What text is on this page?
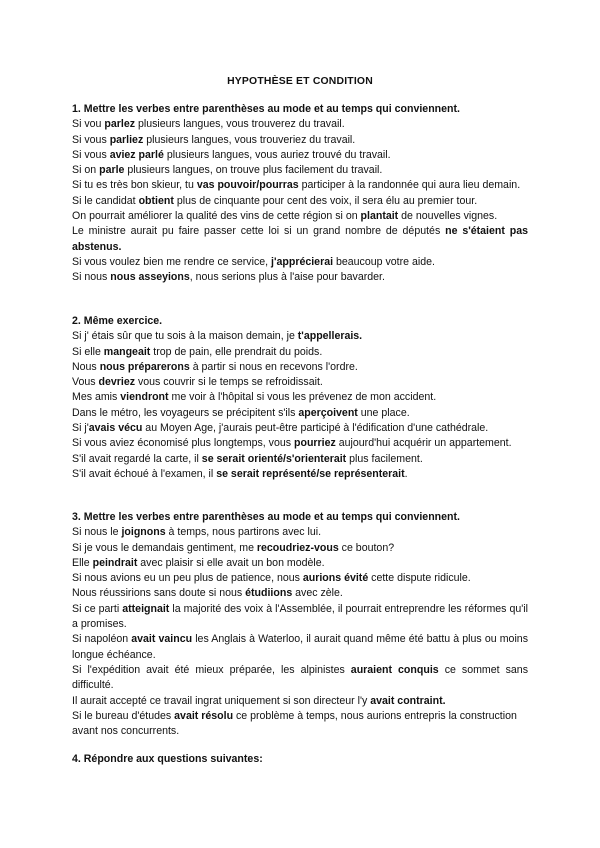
HYPOTHÈSE ET CONDITION
1. Mettre les verbes entre parenthèses au mode et au temps qui conviennent.

Si vou parlez plusieurs langues, vous trouverez du travail.

Si vous parliez plusieurs langues, vous trouveriez du travail.

Si vous aviez parlé plusieurs langues, vous auriez trouvé du travail.

Si on parle plusieurs langues, on trouve plus facilement du travail.

Si tu es très bon skieur, tu vas pouvoir/pourras participer à la randonnée qui aura lieu demain.

Si le candidat obtient plus de cinquante pour cent des voix, il sera élu au premier tour.

On pourrait améliorer la qualité des vins de cette région si on plantait de nouvelles vignes.

Le ministre aurait pu faire passer cette loi si un grand nombre de députés ne s'étaient pas abstenus.

Si vous voulez bien me rendre ce service, j'apprécierai beaucoup votre aide.

Si nous nous asseyions, nous serions plus à l'aise pour bavarder.

2. Même exercice.

Si j' étais sûr que tu sois à la maison demain, je t'appellerais.

Si elle mangeait trop de pain, elle prendrait du poids.

Nous nous préparerons à partir si nous en recevons l'ordre.

Vous devriez vous couvrir si le temps se refroidissait.

Mes amis viendront me voir à l'hôpital si vous les prévenez de mon accident.

Dans le métro, les voyageurs se précipitent s'ils aperçoivent une place.

Si j'avais vécu au Moyen Age, j'aurais peut-être participé à l'édification d'une cathédrale.

Si vous aviez économisé plus longtemps, vous pourriez aujourd'hui acquérir un appartement.

S'il avait regardé la carte, il se serait orienté/s'orienterait plus facilement.

S'il avait échoué à l'examen, il se serait représenté/se représenterait.

3. Mettre les verbes entre parenthèses au mode et au temps qui conviennent.

Si nous le joignons à temps, nous partirons avec lui.

Si je vous le demandais gentiment, me recoudriez-vous ce bouton?

Elle peindrait avec plaisir si elle avait un bon modèle.

Si nous avions eu un peu plus de patience, nous aurions évité cette dispute ridicule.

Nous réussirions sans doute si nous étudiions avec zèle.

Si ce parti atteignait la majorité des voix à l'Assemblée, il pourrait entreprendre les réformes qu'il a promises.

Si napoléon avait vaincu les Anglais à Waterloo, il aurait quand même été battu à plus ou moins longue échéance.

Si l'expédition avait été mieux préparée, les alpinistes auraient conquis ce sommet sans difficulté.

Il aurait accepté ce travail ingrat uniquement si son directeur l'y avait contraint.

Si le bureau d'études avait résolu ce problème à temps, nous aurions entrepris la construction avant nos concurrents.

4. Répondre aux questions suivantes:
